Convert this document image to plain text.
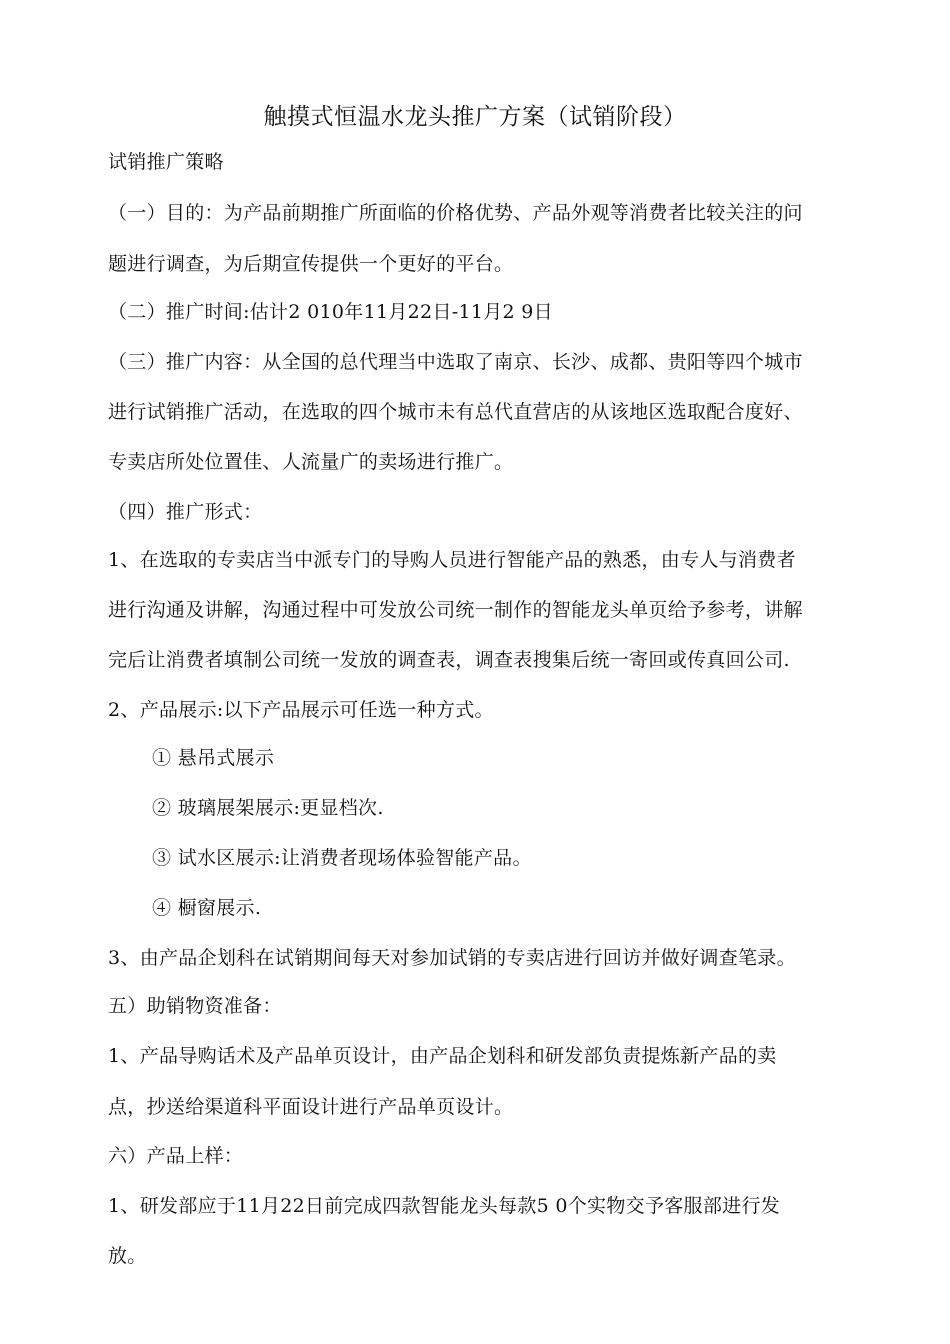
触摸式恒温水龙头推广方案（试销阶段）
试销推广策略
（一）目的：为产品前期推广所面临的价格优势、产品外观等消费者比较关注的问
题进行调查，为后期宣传提供一个更好的平台。
（二）推广时间:估计2 010年11月22日-11月2 9日
（三）推广内容：从全国的总代理当中选取了南京、长沙、成都、贵阳等四个城市
进行试销推广活动，在选取的四个城市未有总代直营店的从该地区选取配合度好、
专卖店所处位置佳、人流量广的卖场进行推广。
（四）推广形式：
1、在选取的专卖店当中派专门的导购人员进行智能产品的熟悉，由专人与消费者
进行沟通及讲解，沟通过程中可发放公司统一制作的智能龙头单页给予参考，讲解
完后让消费者填制公司统一发放的调查表，调查表搜集后统一寄回或传真回公司.
2、产品展示:以下产品展示可任选一种方式。
① 悬吊式展示
② 玻璃展架展示:更显档次.
③ 试水区展示:让消费者现场体验智能产品。
④ 橱窗展示.
3、由产品企划科在试销期间每天对参加试销的专卖店进行回访并做好调查笔录。
五）助销物资准备：
1、产品导购话术及产品单页设计，由产品企划科和研发部负责提炼新产品的卖
点，抄送给渠道科平面设计进行产品单页设计。
六）产品上样：
1、研发部应于11月22日前完成四款智能龙头每款5 0个实物交予客服部进行发
放。
